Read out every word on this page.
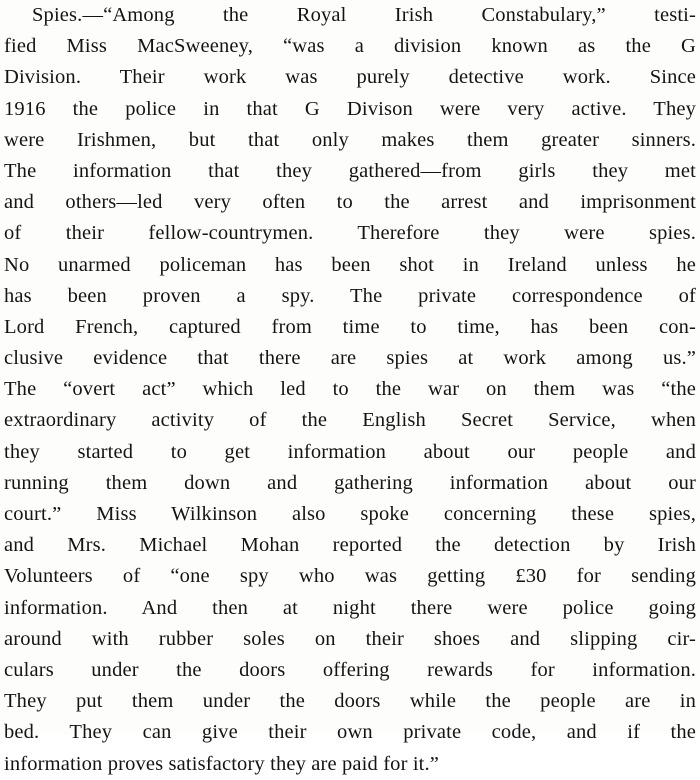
Spies.—“Among the Royal Irish Constabulary,” testi-
fied Miss MacSweeney, “was a division known as the G
Division. Their work was purely detective work. Since
1916 the police in that G Divison were very active. They
were Irishmen, but that only makes them greater sinners.
The information that they gathered—from girls they met
and others—led very often to the arrest and imprisonment
of their fellow-countrymen. Therefore they were spies.
No unarmed policeman has been shot in Ireland unless he
has been proven a spy. The private correspondence of
Lord French, captured from time to time, has been con-
clusive evidence that there are spies at work among us.”
The “overt act” which led to the war on them was “the
extraordinary activity of the English Secret Service, when
they started to get information about our people and
running them down and gathering information about our
court.” Miss Wilkinson also spoke concerning these spies,
and Mrs. Michael Mohan reported the detection by Irish
Volunteers of “one spy who was getting £30 for sending
information. And then at night there were police going
around with rubber soles on their shoes and slipping cir-
culars under the doors offering rewards for information.
They put them under the doors while the people are in
bed. They can give their own private code, and if the
information proves satisfactory they are paid for it.”
